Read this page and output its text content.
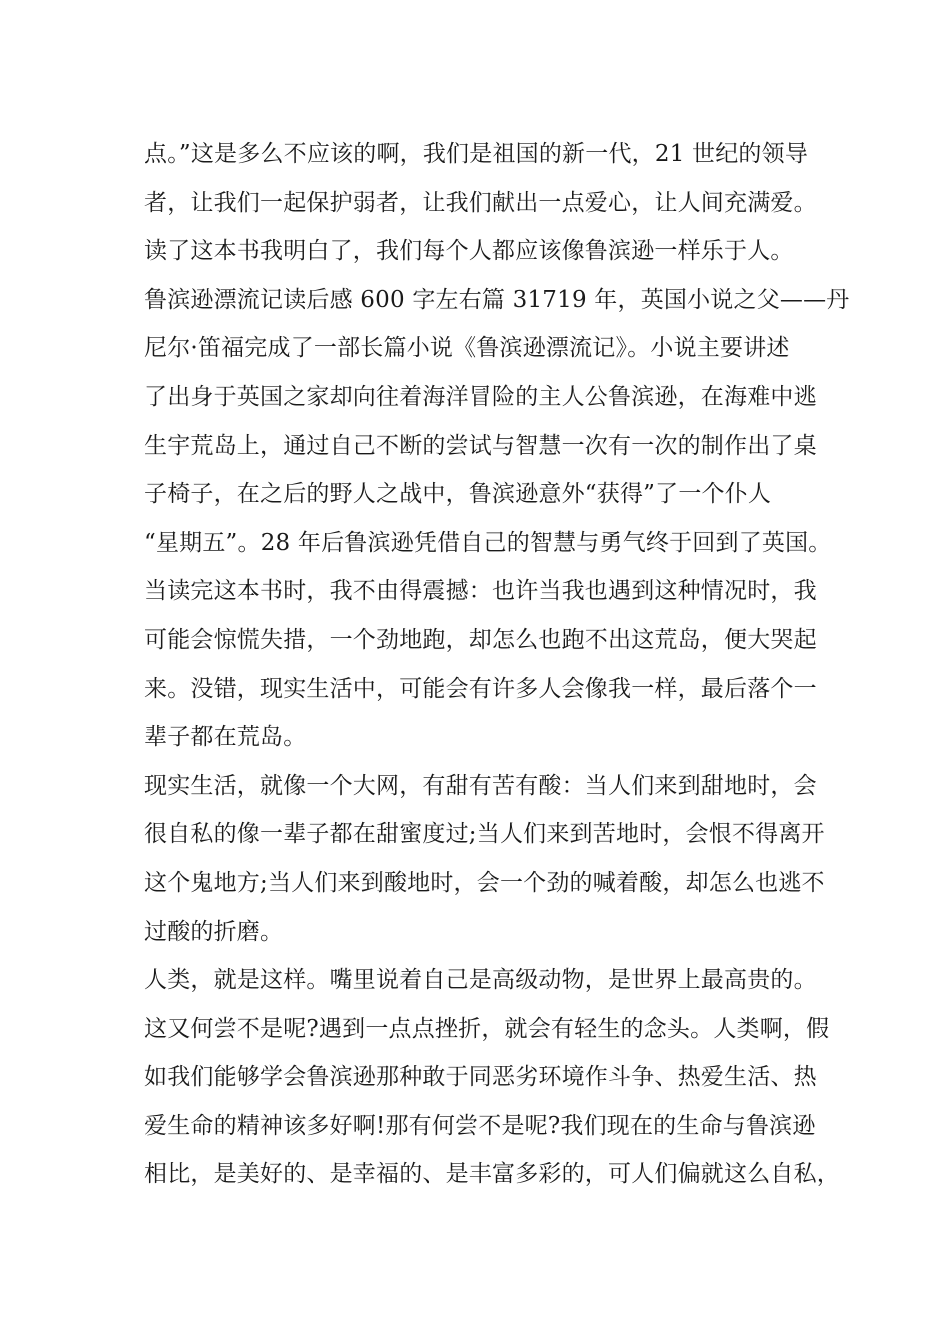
点。”这是多么不应该的啊，我们是祖国的新一代，21 世纪的领导
者，让我们一起保护弱者，让我们献出一点爱心，让人间充满爱。
读了这本书我明白了，我们每个人都应该像鲁滨逊一样乐于人。
鲁滨逊漂流记读后感 600 字左右篇 31719 年，英国小说之父——丹
尼尔·笛福完成了一部长篇小说《鲁滨逊漂流记》。小说主要讲述
了出身于英国之家却向往着海洋冒险的主人公鲁滨逊，在海难中逃
生宇荒岛上，通过自己不断的尝试与智慧一次有一次的制作出了桌
子椅子，在之后的野人之战中，鲁滨逊意外“获得”了一个仆人
“星期五”。28 年后鲁滨逊凭借自己的智慧与勇气终于回到了英国。
当读完这本书时，我不由得震撼：也许当我也遇到这种情况时，我
可能会惊慌失措，一个劲地跑，却怎么也跑不出这荒岛，便大哭起
来。没错，现实生活中，可能会有许多人会像我一样，最后落个一
辈子都在荒岛。
现实生活，就像一个大网，有甜有苦有酸：当人们来到甜地时，会
很自私的像一辈子都在甜蜜度过;当人们来到苦地时，会恨不得离开
这个鬼地方;当人们来到酸地时，会一个劲的喊着酸，却怎么也逃不
过酸的折磨。
人类，就是这样。嘴里说着自己是高级动物，是世界上最高贵的。
这又何尝不是呢?遇到一点点挫折，就会有轻生的念头。人类啊，假
如我们能够学会鲁滨逊那种敢于同恶劣环境作斗争、热爱生活、热
爱生命的精神该多好啊!那有何尝不是呢?我们现在的生命与鲁滨逊
相比，是美好的、是幸福的、是丰富多彩的，可人们偏就这么自私，
